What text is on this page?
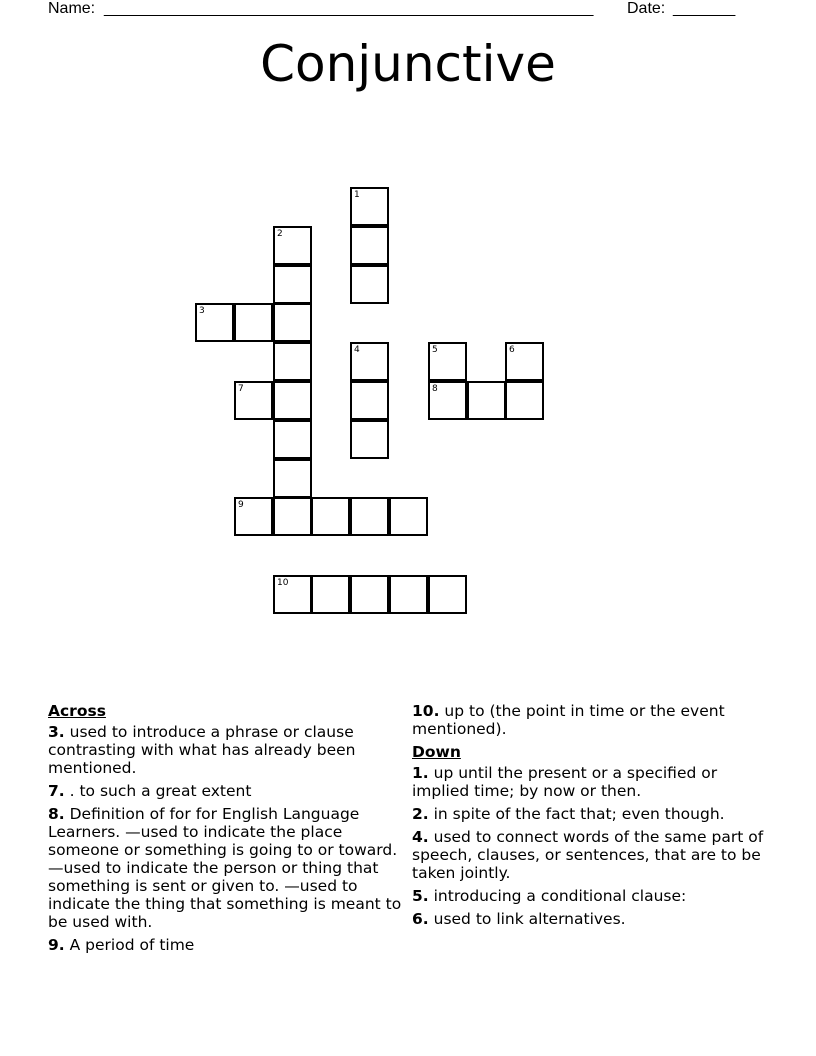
Name: _______________________________________________________ Date: _______
Conjunctive
1
2
3
4	5	6
7	8
9
10
Across
3. used to introduce a phrase or clause contrasting with what has already been mentioned.
7. . to such a great extent
8. Definition of for for English Language Learners. —used to indicate the place someone or something is going to or toward. —used to indicate the person or thing that something is sent or given to. —used to indicate the thing that something is meant to be used with.
9. A period of time
10. up to (the point in time or the event mentioned).
Down
1. up until the present or a specified or implied time; by now or then.
2. in spite of the fact that; even though.
4. used to connect words of the same part of speech, clauses, or sentences, that are to be taken jointly.
5. introducing a conditional clause:
6. used to link alternatives.
